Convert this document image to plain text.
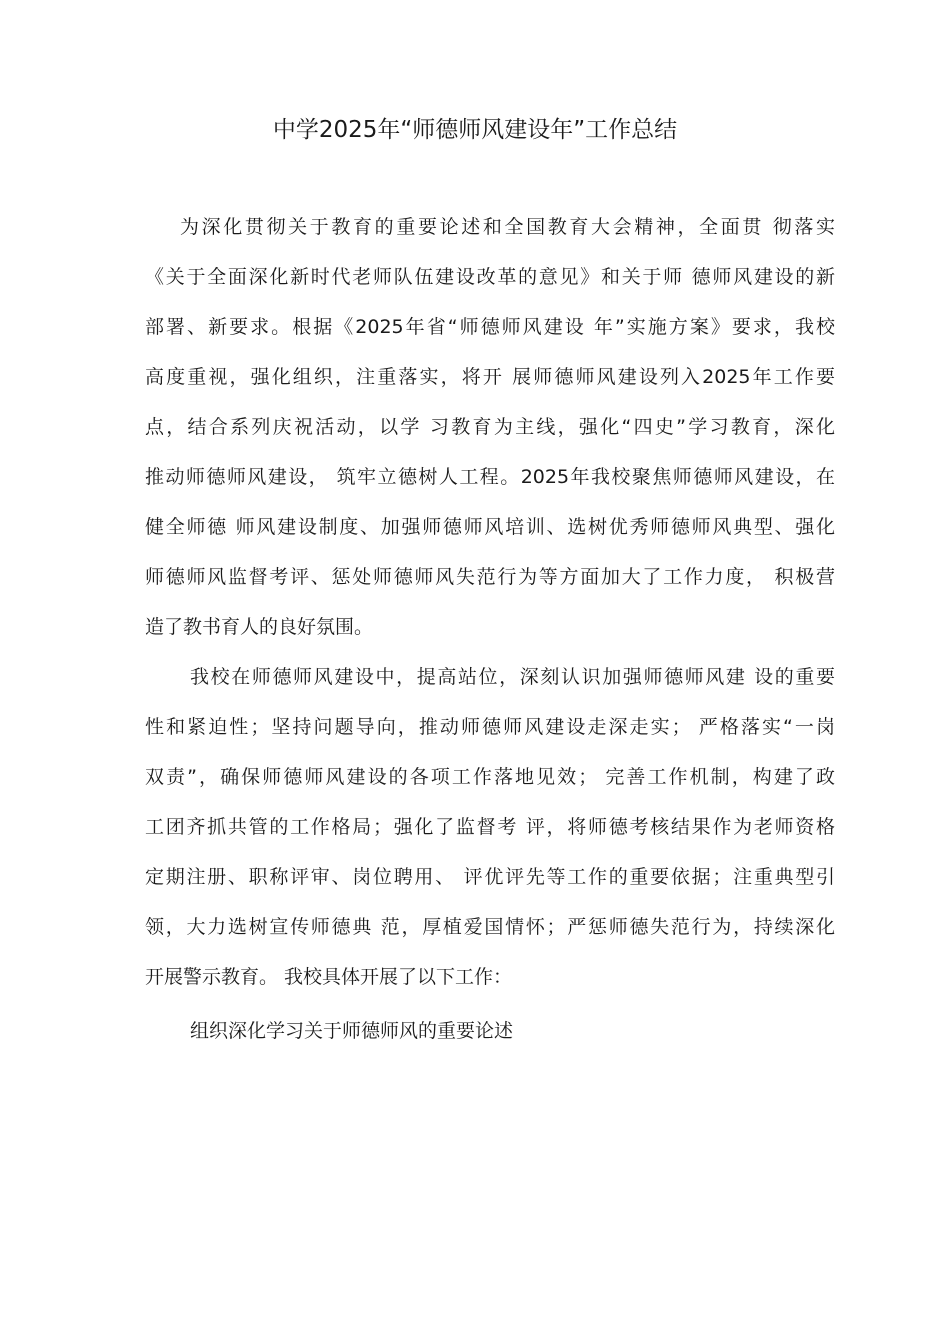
中学2025年“师德师风建设年”工作总结
为深化贯彻关于教育的重要论述和全国教育大会精神，全面贯 彻落实
《关于全面深化新时代老师队伍建设改革的意见》和关于师 德师风建设的新
部署、新要求。根据《2025年省“师德师风建设 年”实施方案》要求，我校
高度重视，强化组织，注重落实，将开 展师德师风建设列入2025年工作要
点，结合系列庆祝活动，以学 习教育为主线，强化“四史”学习教育，深化
推动师德师风建设， 筑牢立德树人工程。2025年我校聚焦师德师风建设，在
健全师德 师风建设制度、加强师德师风培训、选树优秀师德师风典型、强化
师德师风监督考评、惩处师德师风失范行为等方面加大了工作力度， 积极营
造了教书育人的良好氛围。
我校在师德师风建设中，提高站位，深刻认识加强师德师风建 设的重要
性和紧迫性；坚持问题导向，推动师德师风建设走深走实； 严格落实“一岗
双责”，确保师德师风建设的各项工作落地见效； 完善工作机制，构建了政
工团齐抓共管的工作格局；强化了监督考 评，将师德考核结果作为老师资格
定期注册、职称评审、岗位聘用、 评优评先等工作的重要依据；注重典型引
领，大力选树宣传师德典 范，厚植爱国情怀；严惩师德失范行为，持续深化
开展警示教育。 我校具体开展了以下工作：
组织深化学习关于师德师风的重要论述
